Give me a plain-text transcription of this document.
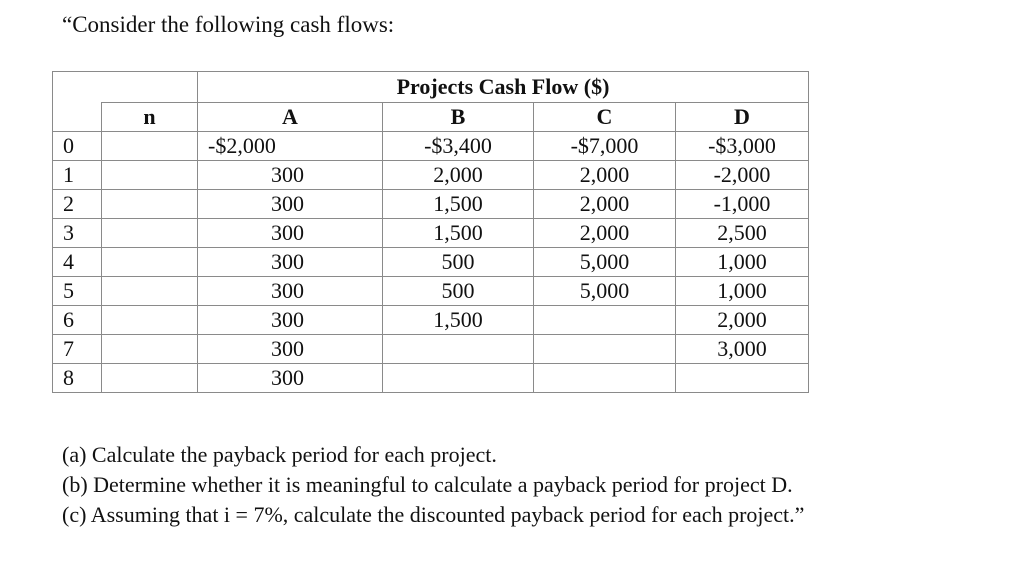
“Consider the following cash flows:
		Projects Cash Flow ($)			
	n	A	B	C	D
0		-$2,000	-$3,400	-$7,000	-$3,000
1		300	2,000	2,000	-2,000
2		300	1,500	2,000	-1,000
3		300	1,500	2,000	2,500
4		300	500	5,000	1,000
5		300	500	5,000	1,000
6		300	1,500		2,000
7		300			3,000
8		300			
(a) Calculate the payback period for each project.
(b) Determine whether it is meaningful to calculate a payback period for project D.
(c) Assuming that i = 7%, calculate the discounted payback period for each project.”
